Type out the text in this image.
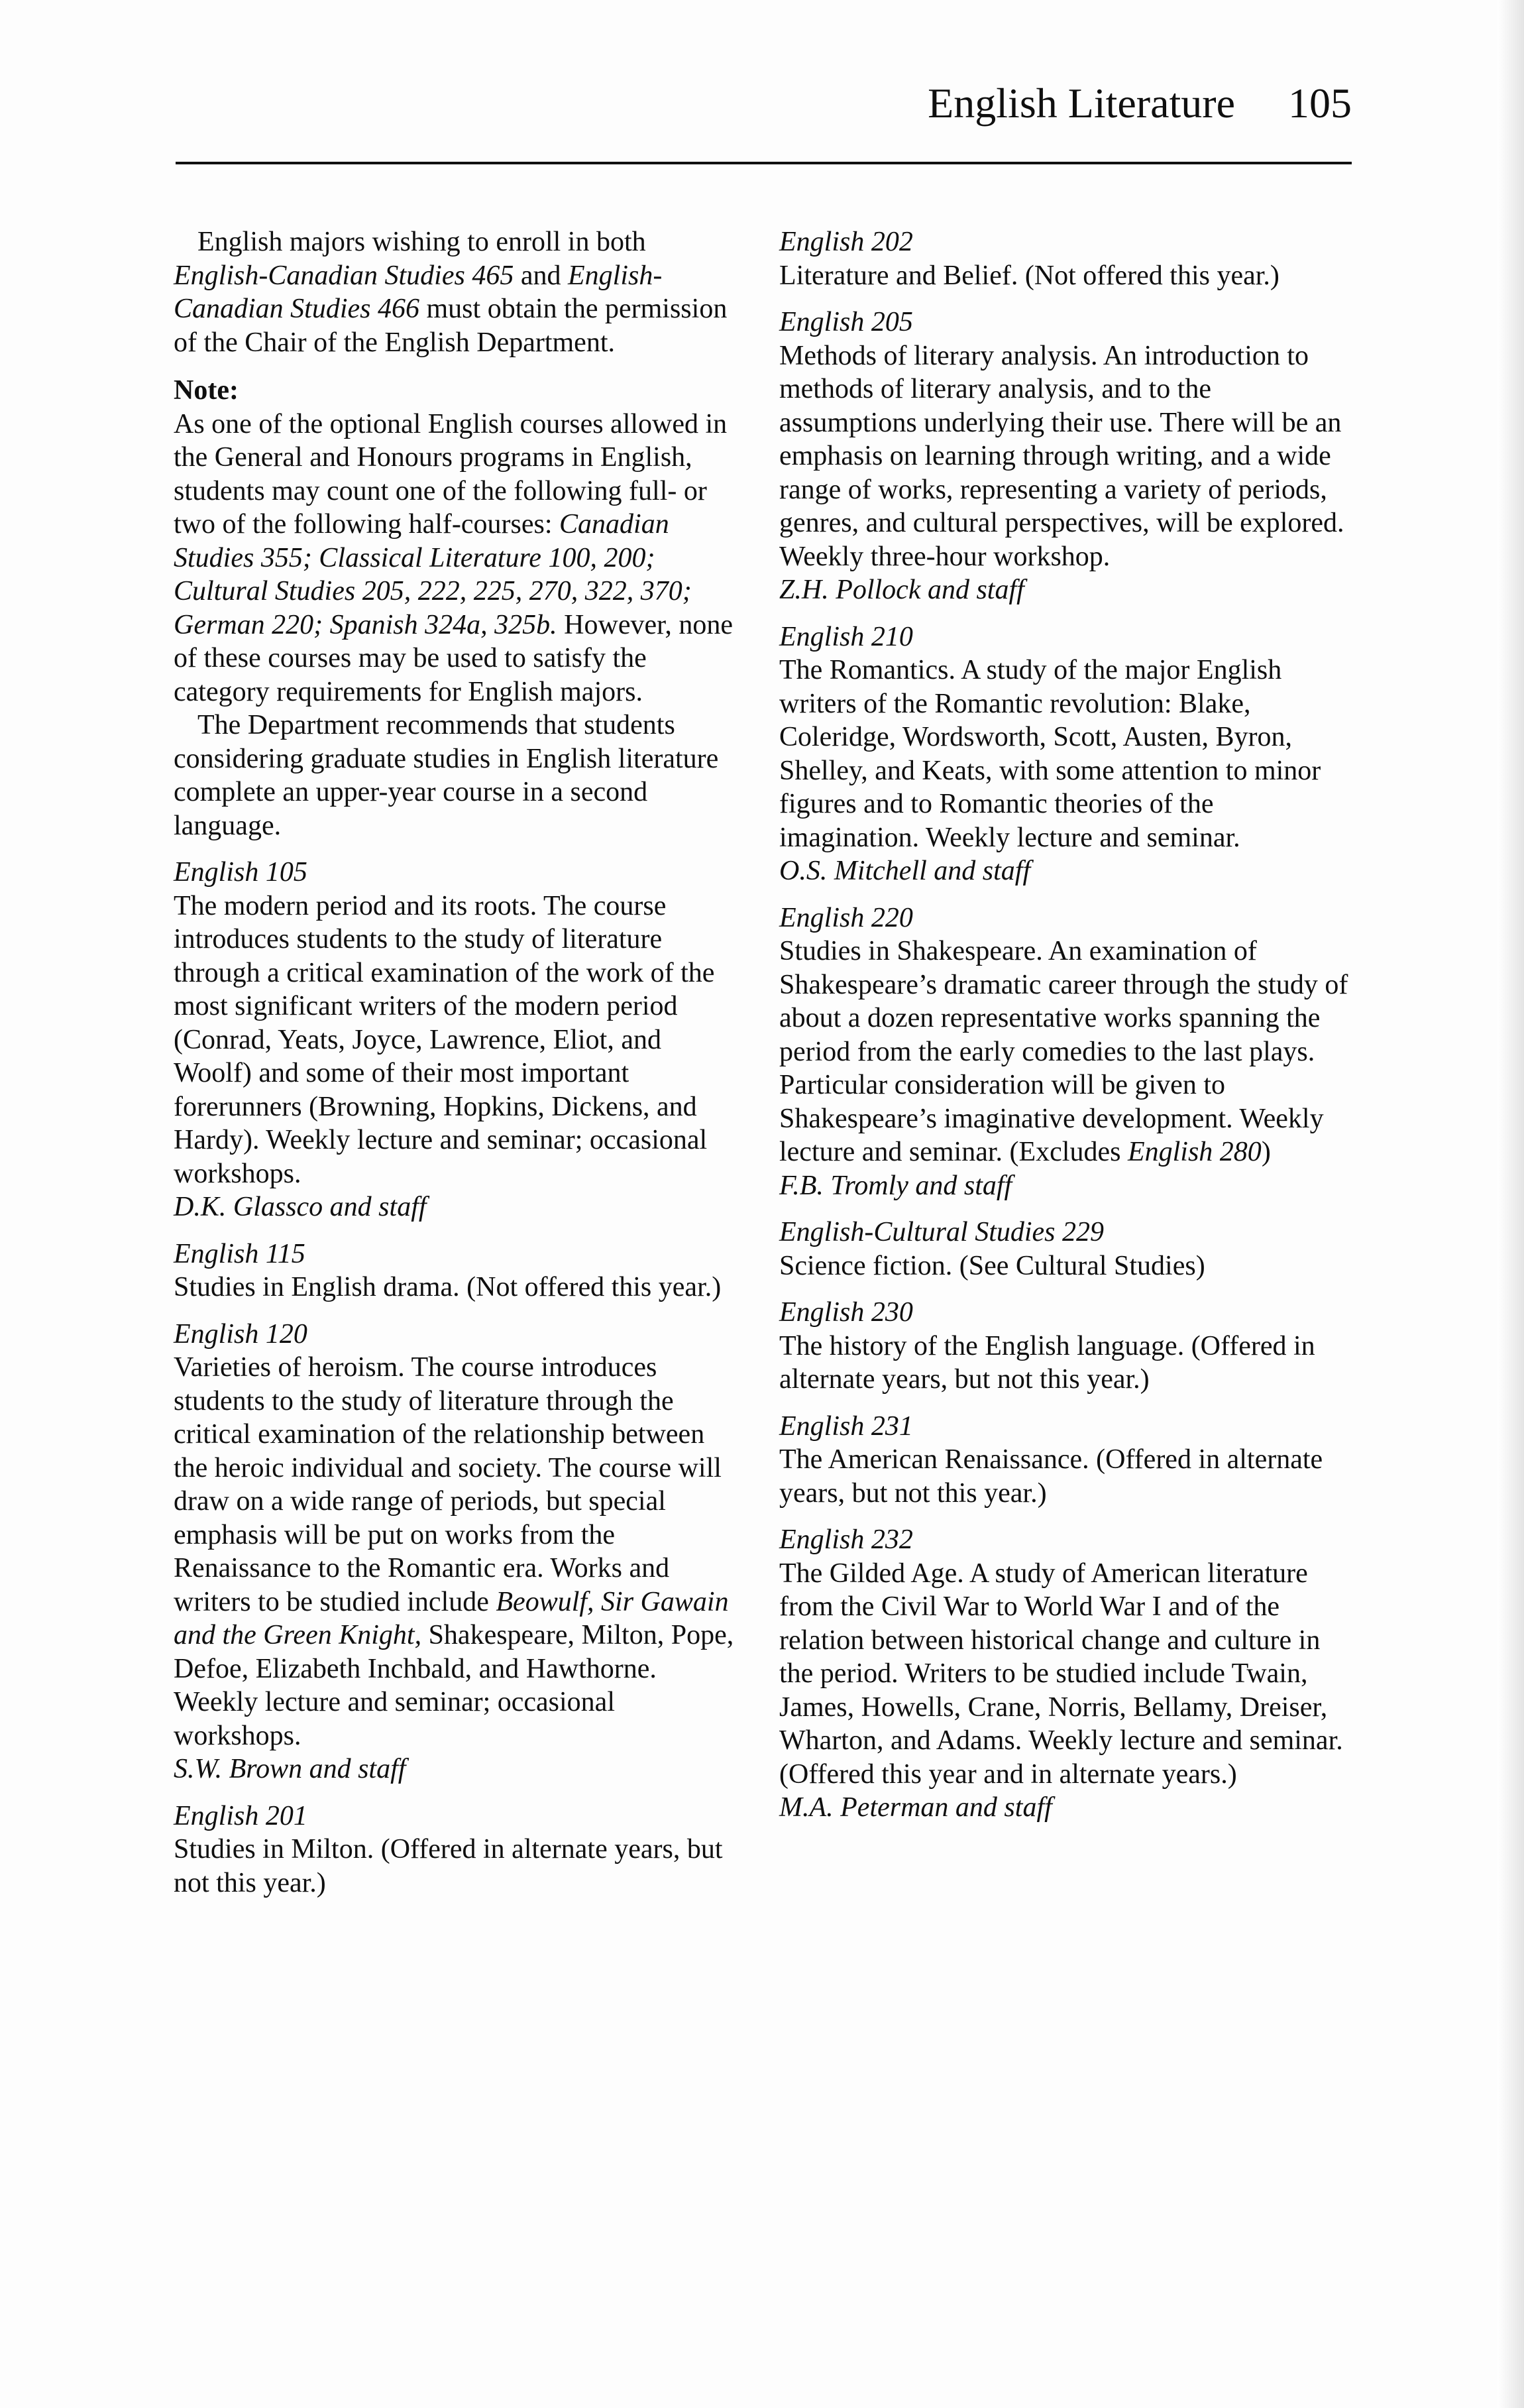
English Literature 105

English majors wishing to enroll in both English-Canadian Studies 465 and English-Canadian Studies 466 must obtain the permission of the Chair of the English Department.

Note:

As one of the optional English courses allowed in the General and Honours programs in English, students may count one of the following full- or two of the following half-courses: Canadian Studies 355; Classical Literature 100, 200; Cultural Studies 205, 222, 225, 270, 322, 370; German 220; Spanish 324a, 325b. However, none of these courses may be used to satisfy the category requirements for English majors.

The Department recommends that students considering graduate studies in English literature complete an upper-year course in a second language.

English 105
The modern period and its roots. The course introduces students to the study of literature through a critical examination of the work of the most significant writers of the modern period (Conrad, Yeats, Joyce, Lawrence, Eliot, and Woolf) and some of their most important forerunners (Browning, Hopkins, Dickens, and Hardy). Weekly lecture and seminar; occasional workshops.
D.K. Glassco and staff
English 115
Studies in English drama. (Not offered this year.)
English 120
Varieties of heroism. The course introduces students to the study of literature through the critical examination of the relationship between the heroic individual and society. The course will draw on a wide range of periods, but special emphasis will be put on works from the Renaissance to the Romantic era. Works and writers to be studied include Beowulf, Sir Gawain and the Green Knight, Shakespeare, Milton, Pope, Defoe, Elizabeth Inchbald, and Hawthorne. Weekly lecture and seminar; occasional workshops.
S.W. Brown and staff
English 201
Studies in Milton. (Offered in alternate years, but not this year.)
English 202
Literature and Belief. (Not offered this year.)
English 205
Methods of literary analysis. An introduction to methods of literary analysis, and to the assumptions underlying their use. There will be an emphasis on learning through writing, and a wide range of works, representing a variety of periods, genres, and cultural perspectives, will be explored. Weekly three-hour workshop.
Z.H. Pollock and staff
English 210
The Romantics. A study of the major English writers of the Romantic revolution: Blake, Coleridge, Wordsworth, Scott, Austen, Byron, Shelley, and Keats, with some attention to minor figures and to Romantic theories of the imagination. Weekly lecture and seminar.
O.S. Mitchell and staff
English 220
Studies in Shakespeare. An examination of Shakespeare’s dramatic career through the study of about a dozen representative works spanning the period from the early comedies to the last plays. Particular consideration will be given to Shakespeare’s imaginative development. Weekly lecture and seminar. (Excludes English 280)
F.B. Tromly and staff
English-Cultural Studies 229
Science fiction. (See Cultural Studies)
English 230
The history of the English language. (Offered in alternate years, but not this year.)
English 231
The American Renaissance. (Offered in alternate years, but not this year.)
English 232
The Gilded Age. A study of American literature from the Civil War to World War I and of the relation between historical change and culture in the period. Writers to be studied include Twain, James, Howells, Crane, Norris, Bellamy, Dreiser, Wharton, and Adams. Weekly lecture and seminar. (Offered this year and in alternate years.)
M.A. Peterman and staff
